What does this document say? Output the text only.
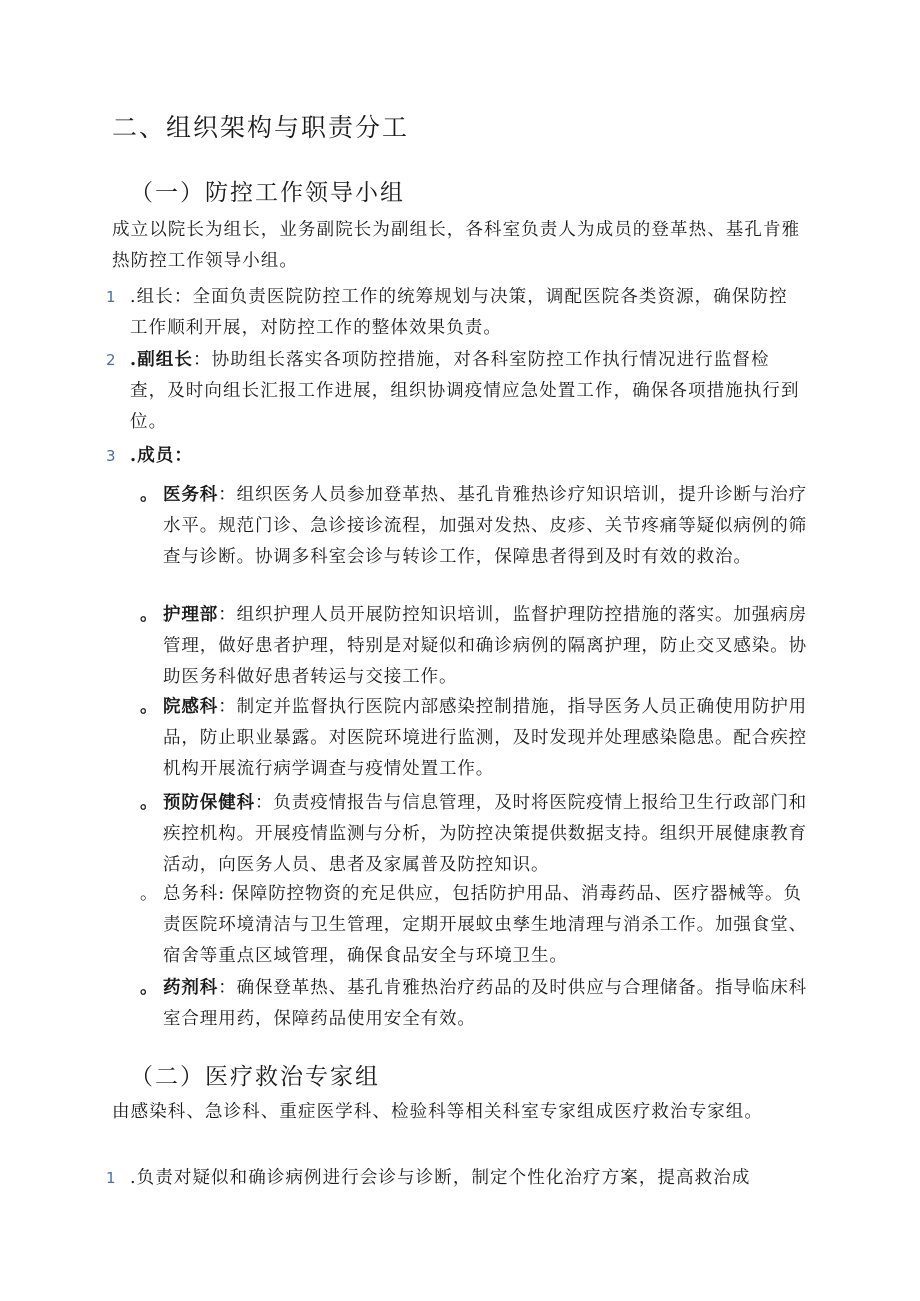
二、组织架构与职责分工
（一）防控工作领导小组

成立以院长为组长，业务副院长为副组长，各科室负责人为成员的登革热、基孔肯雅热防控工作领导小组。

1 .组长：全面负责医院防控工作的统筹规划与决策，调配医院各类资源，确保防控工作顺利开展，对防控工作的整体效果负责。

2 .副组长：协助组长落实各项防控措施，对各科室防控工作执行情况进行监督检查，及时向组长汇报工作进展，组织协调疫情应急处置工作，确保各项措施执行到位。

3 .成员：

。 医务科：组织医务人员参加登革热、基孔肯雅热诊疗知识培训，提升诊断与治疗水平。规范门诊、急诊接诊流程，加强对发热、皮疹、关节疼痛等疑似病例的筛查与诊断。协调多科室会诊与转诊工作，保障患者得到及时有效的救治。

。 护理部：组织护理人员开展防控知识培训，监督护理防控措施的落实。加强病房管理，做好患者护理，特别是对疑似和确诊病例的隔离护理，防止交叉感染。协助医务科做好患者转运与交接工作。

。 院感科：制定并监督执行医院内部感染控制措施，指导医务人员正确使用防护用品，防止职业暴露。对医院环境进行监测，及时发现并处理感染隐患。配合疾控机构开展流行病学调查与疫情处置工作。

。 预防保健科：负责疫情报告与信息管理，及时将医院疫情上报给卫生行政部门和疾控机构。开展疫情监测与分析，为防控决策提供数据支持。组织开展健康教育活动，向医务人员、患者及家属普及防控知识。

。 总务科: 保障防控物资的充足供应，包括防护用品、消毒药品、医疗器械等。负责医院环境清洁与卫生管理，定期开展蚊虫孳生地清理与消杀工作。加强食堂、宿舍等重点区域管理，确保食品安全与环境卫生。

。 药剂科：确保登革热、基孔肯雅热治疗药品的及时供应与合理储备。指导临床科室合理用药，保障药品使用安全有效。

（二）医疗救治专家组

由感染科、急诊科、重症医学科、检验科等相关科室专家组成医疗救治专家组。

1 .负责对疑似和确诊病例进行会诊与诊断，制定个性化治疗方案，提高救治成
